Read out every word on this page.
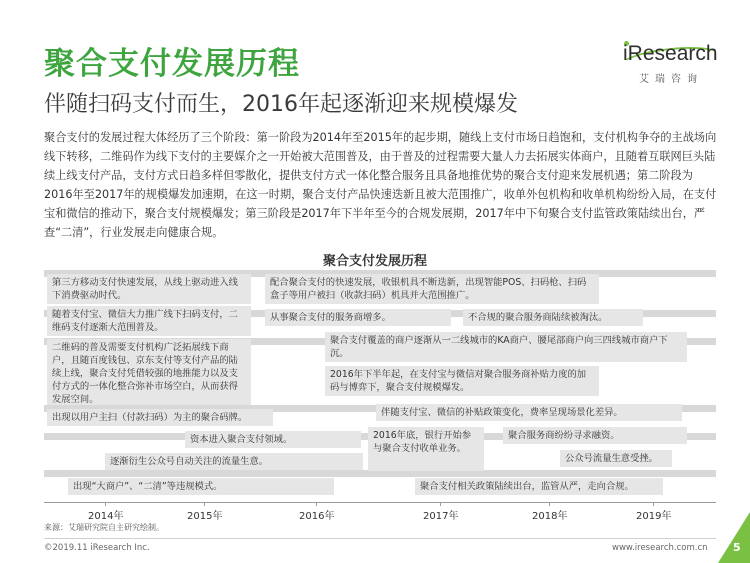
聚合支付发展历程
伴随扫码支付而生，2016年起逐渐迎来规模爆发
iResearch
艾瑞咨询
聚合支付的发展过程大体经历了三个阶段：第一阶段为2014年至2015年的起步期，随线上支付市场日趋饱和，支付机构争夺的主战场向线下转移，二维码作为线下支付的主要媒介之一开始被大范围普及，由于普及的过程需要大量人力去拓展实体商户，且随着互联网巨头陆续上线支付产品，支付方式日趋多样但零散化，提供支付方式一体化整合服务且具备地推优势的聚合支付迎来发展机遇；第二阶段为2016年至2017年的规模爆发加速期，在这一时期，聚合支付产品快速迭新且被大范围推广，收单外包机构和收单机构纷纷入局，在支付宝和微信的推动下，聚合支付规模爆发；第三阶段是2017年下半年至今的合规发展期，2017年中下旬聚合支付监管政策陆续出台，严查“二清”，行业发展走向健康合规。
聚合支付发展历程
第三方移动支付快速发展，从线上驱动进入线下消费驱动时代。
随着支付宝、微信大力推广线下扫码支付，二维码支付逐渐大范围普及。
二维码的普及需要支付机构广泛拓展线下商户，且随百度钱包、京东支付等支付产品的陆续上线，聚合支付凭借较强的地推能力以及支付方式的一体化整合弥补市场空白，从而获得发展空间。
出现以用户主扫（付款扫码）为主的聚合码牌。
资本进入聚合支付领域。
逐渐衍生公众号自动关注的流量生意。
出现“大商户”、“二清”等违规模式。
配合聚合支付的快速发展，收银机具不断迭新，出现智能POS、扫码枪、扫码盒子等用户被扫（收款扫码）机具并大范围推广。
从事聚合支付的服务商增多。	不合规的聚合服务商陆续被淘汰。
聚合支付覆盖的商户逐渐从一二线城市的KA商户、腰尾部商户向三四线城市商户下沉。
2016年下半年起，在支付宝与微信对聚合服务商补贴力度的加码与博弈下，聚合支付规模爆发。
伴随支付宝、微信的补贴政策变化，费率呈现场景化差异。
2016年底，银行开始参与聚合支付收单业务。
聚合服务商纷纷寻求融资。
公众号流量生意受挫。
聚合支付相关政策陆续出台，监管从严，走向合规。
2014年	2015年	2016年	2017年	2018年	2019年
来源：艾瑞研究院自主研究绘制。
©2019.11 iResearch Inc.	www.iresearch.com.cn 5
